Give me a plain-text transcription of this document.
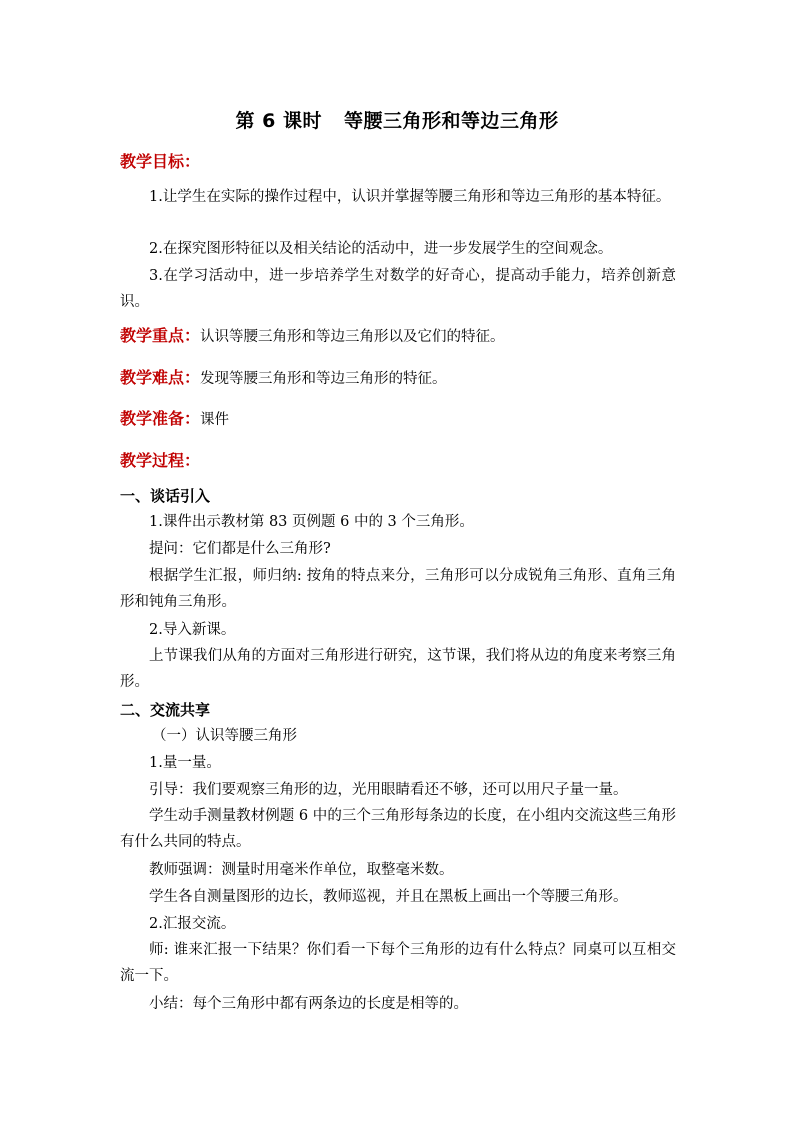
第 6 课时 等腰三角形和等边三角形
教学目标：
1.让学生在实际的操作过程中，认识并掌握等腰三角形和等边三角形的基本特征。
2.在探究图形特征以及相关结论的活动中，进一步发展学生的空间观念。
3.在学习活动中，进一步培养学生对数学的好奇心，提高动手能力，培养创新意识。
教学重点：认识等腰三角形和等边三角形以及它们的特征。
教学难点：发现等腰三角形和等边三角形的特征。
教学准备：课件
教学过程：
一、谈话引入
1.课件出示教材第 83 页例题 6 中的 3 个三角形。
提问：它们都是什么三角形?
根据学生汇报，师归纳: 按角的特点来分，三角形可以分成锐角三角形、直角三角形和钝角三角形。
2.导入新课。
上节课我们从角的方面对三角形进行研究，这节课，我们将从边的角度来考察三角形。
二、交流共享
（一）认识等腰三角形
1.量一量。
引导：我们要观察三角形的边，光用眼睛看还不够，还可以用尺子量一量。
学生动手测量教材例题 6 中的三个三角形每条边的长度，在小组内交流这些三角形有什么共同的特点。
教师强调：测量时用毫米作单位，取整毫米数。
学生各自测量图形的边长，教师巡视，并且在黑板上画出一个等腰三角形。
2.汇报交流。
师: 谁来汇报一下结果？你们看一下每个三角形的边有什么特点？同桌可以互相交流一下。
小结：每个三角形中都有两条边的长度是相等的。
